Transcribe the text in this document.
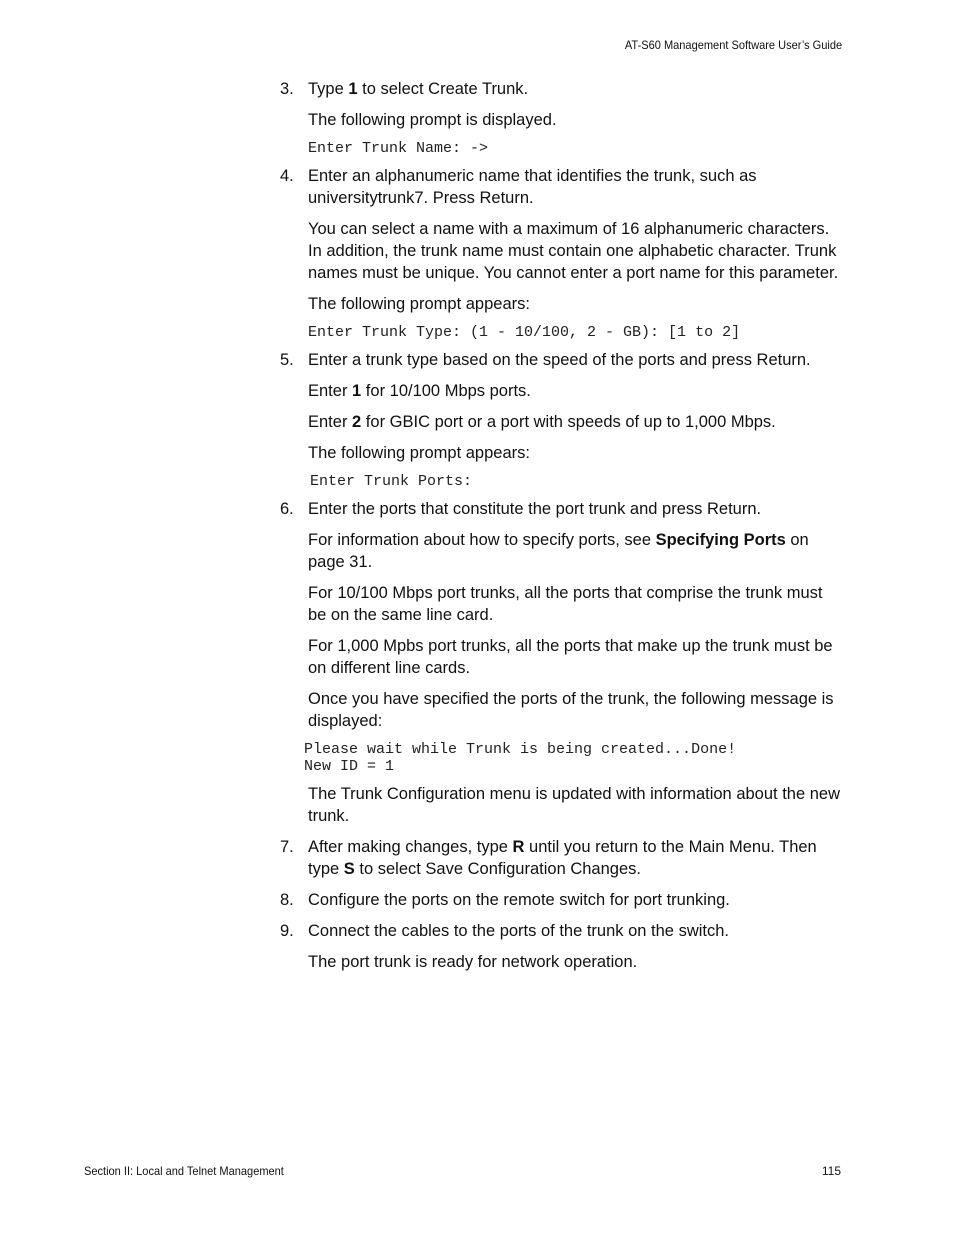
AT-S60 Management Software User’s Guide
3. Type 1 to select Create Trunk.
The following prompt is displayed.
Enter Trunk Name: ->
4. Enter an alphanumeric name that identifies the trunk, such as universitytrunk7. Press Return.
You can select a name with a maximum of 16 alphanumeric characters. In addition, the trunk name must contain one alphabetic character. Trunk names must be unique. You cannot enter a port name for this parameter.
The following prompt appears:
Enter Trunk Type: (1 - 10/100, 2 - GB): [1 to 2]
5. Enter a trunk type based on the speed of the ports and press Return.
Enter 1 for 10/100 Mbps ports.
Enter 2 for GBIC port or a port with speeds of up to 1,000 Mbps.
The following prompt appears:
Enter Trunk Ports:
6. Enter the ports that constitute the port trunk and press Return.
For information about how to specify ports, see Specifying Ports on page 31.
For 10/100 Mbps port trunks, all the ports that comprise the trunk must be on the same line card.
For 1,000 Mpbs port trunks, all the ports that make up the trunk must be on different line cards.
Once you have specified the ports of the trunk, the following message is displayed:
Please wait while Trunk is being created...Done!
New ID = 1
The Trunk Configuration menu is updated with information about the new trunk.
7. After making changes, type R until you return to the Main Menu. Then type S to select Save Configuration Changes.
8. Configure the ports on the remote switch for port trunking.
9. Connect the cables to the ports of the trunk on the switch.
The port trunk is ready for network operation.
Section II: Local and Telnet Management	115
